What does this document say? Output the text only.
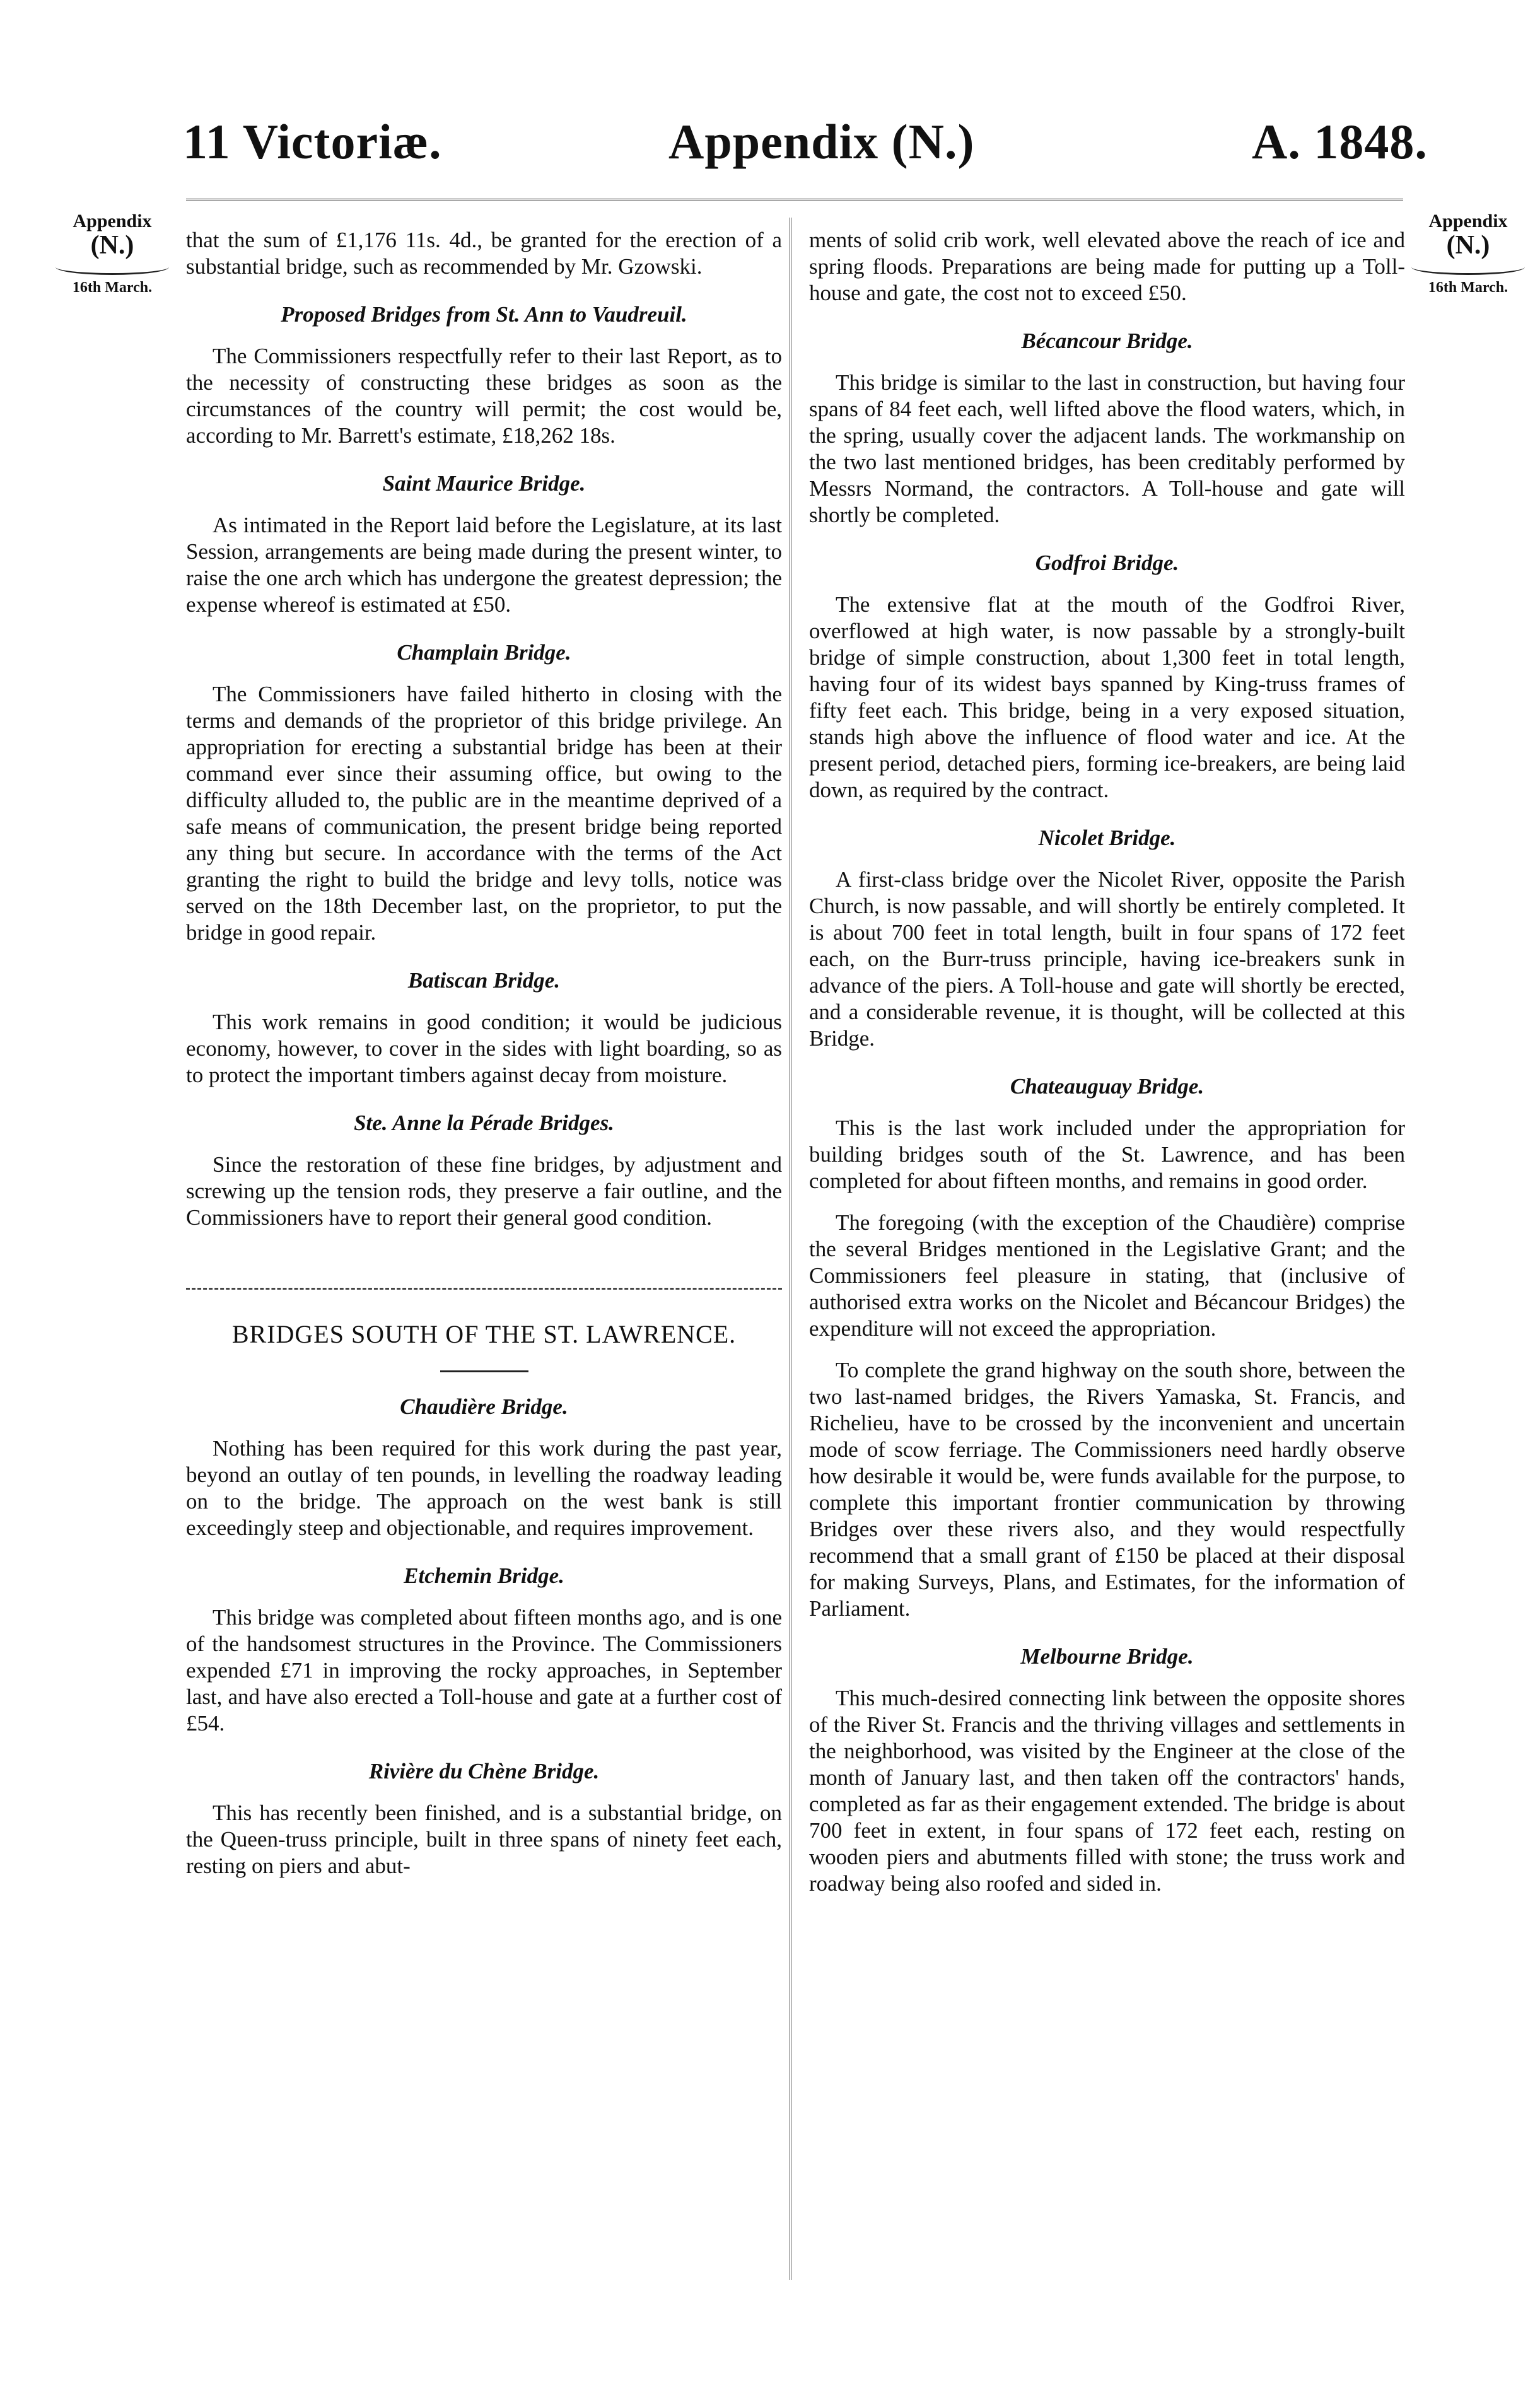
11 Victoriæ.	Appendix (N.)	A. 1848.
Appendix
(N.)
16th March.
Appendix
(N.)
16th March.

that the sum of £1,176 11s. 4d., be granted for the erection of a substantial bridge, such as recommended by Mr. Gzowski.

Proposed Bridges from St. Ann to Vaudreuil.

The Commissioners respectfully refer to their last Report, as to the necessity of constructing these bridges as soon as the circumstances of the country will permit; the cost would be, according to Mr. Barrett's estimate, £18,262 18s.

Saint Maurice Bridge.

As intimated in the Report laid before the Legislature, at its last Session, arrangements are being made during the present winter, to raise the one arch which has undergone the greatest depression; the expense whereof is estimated at £50.

Champlain Bridge.

The Commissioners have failed hitherto in closing with the terms and demands of the proprietor of this bridge privilege. An appropriation for erecting a substantial bridge has been at their command ever since their assuming office, but owing to the difficulty alluded to, the public are in the meantime deprived of a safe means of communication, the present bridge being reported any thing but secure. In accordance with the terms of the Act granting the right to build the bridge and levy tolls, notice was served on the 18th December last, on the proprietor, to put the bridge in good repair.

Batiscan Bridge.

This work remains in good condition; it would be judicious economy, however, to cover in the sides with light boarding, so as to protect the important timbers against decay from moisture.

Ste. Anne la Pérade Bridges.

Since the restoration of these fine bridges, by adjustment and screwing up the tension rods, they preserve a fair outline, and the Commissioners have to report their general good condition.

BRIDGES SOUTH OF THE ST. LAWRENCE.
Chaudière Bridge.

Nothing has been required for this work during the past year, beyond an outlay of ten pounds, in levelling the roadway leading on to the bridge. The approach on the west bank is still exceedingly steep and objectionable, and requires improvement.

Etchemin Bridge.

This bridge was completed about fifteen months ago, and is one of the handsomest structures in the Province. The Commissioners expended £71 in improving the rocky approaches, in September last, and have also erected a Toll-house and gate at a further cost of £54.

Rivière du Chène Bridge.

This has recently been finished, and is a substantial bridge, on the Queen-truss principle, built in three spans of ninety feet each, resting on piers and abut-

ments of solid crib work, well elevated above the reach of ice and spring floods. Preparations are being made for putting up a Toll-house and gate, the cost not to exceed £50.

Bécancour Bridge.

This bridge is similar to the last in construction, but having four spans of 84 feet each, well lifted above the flood waters, which, in the spring, usually cover the adjacent lands. The workmanship on the two last mentioned bridges, has been creditably performed by Messrs Normand, the contractors. A Toll-house and gate will shortly be completed.

Godfroi Bridge.

The extensive flat at the mouth of the Godfroi River, overflowed at high water, is now passable by a strongly-built bridge of simple construction, about 1,300 feet in total length, having four of its widest bays spanned by King-truss frames of fifty feet each. This bridge, being in a very exposed situation, stands high above the influence of flood water and ice. At the present period, detached piers, forming ice-breakers, are being laid down, as required by the contract.

Nicolet Bridge.

A first-class bridge over the Nicolet River, opposite the Parish Church, is now passable, and will shortly be entirely completed. It is about 700 feet in total length, built in four spans of 172 feet each, on the Burr-truss principle, having ice-breakers sunk in advance of the piers. A Toll-house and gate will shortly be erected, and a considerable revenue, it is thought, will be collected at this Bridge.

Chateauguay Bridge.

This is the last work included under the appropriation for building bridges south of the St. Lawrence, and has been completed for about fifteen months, and remains in good order.

The foregoing (with the exception of the Chaudière) comprise the several Bridges mentioned in the Legislative Grant; and the Commissioners feel pleasure in stating, that (inclusive of authorised extra works on the Nicolet and Bécancour Bridges) the expenditure will not exceed the appropriation.

To complete the grand highway on the south shore, between the two last-named bridges, the Rivers Yamaska, St. Francis, and Richelieu, have to be crossed by the inconvenient and uncertain mode of scow ferriage. The Commissioners need hardly observe how desirable it would be, were funds available for the purpose, to complete this important frontier communication by throwing Bridges over these rivers also, and they would respectfully recommend that a small grant of £150 be placed at their disposal for making Surveys, Plans, and Estimates, for the information of Parliament.

Melbourne Bridge.

This much-desired connecting link between the opposite shores of the River St. Francis and the thriving villages and settlements in the neighborhood, was visited by the Engineer at the close of the month of January last, and then taken off the contractors' hands, completed as far as their engagement extended. The bridge is about 700 feet in extent, in four spans of 172 feet each, resting on wooden piers and abutments filled with stone; the truss work and roadway being also roofed and sided in.
